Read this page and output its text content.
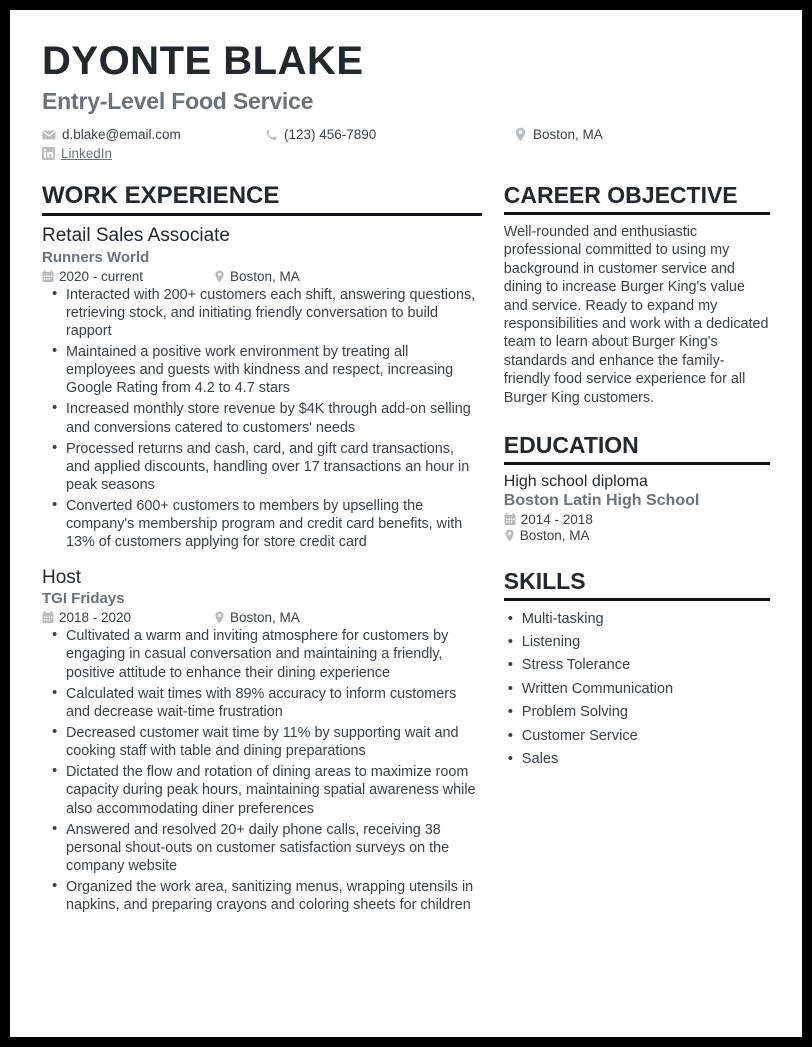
DYONTE BLAKE
Entry-Level Food Service
d.blake@email.com	(123) 456-7890	Boston, MA
LinkedIn
WORK EXPERIENCE
Retail Sales Associate
Runners World
2020 - current	Boston, MA
• Interacted with 200+ customers each shift, answering questions, retrieving stock, and initiating friendly conversation to build rapport
• Maintained a positive work environment by treating all employees and guests with kindness and respect, increasing Google Rating from 4.2 to 4.7 stars
• Increased monthly store revenue by $4K through add-on selling and conversions catered to customers' needs
• Processed returns and cash, card, and gift card transactions, and applied discounts, handling over 17 transactions an hour in peak seasons
• Converted 600+ customers to members by upselling the company's membership program and credit card benefits, with 13% of customers applying for store credit card
Host
TGI Fridays
2018 - 2020	Boston, MA
• Cultivated a warm and inviting atmosphere for customers by engaging in casual conversation and maintaining a friendly, positive attitude to enhance their dining experience
• Calculated wait times with 89% accuracy to inform customers and decrease wait-time frustration
• Decreased customer wait time by 11% by supporting wait and cooking staff with table and dining preparations
• Dictated the flow and rotation of dining areas to maximize room capacity during peak hours, maintaining spatial awareness while also accommodating diner preferences
• Answered and resolved 20+ daily phone calls, receiving 38 personal shout-outs on customer satisfaction surveys on the company website
• Organized the work area, sanitizing menus, wrapping utensils in napkins, and preparing crayons and coloring sheets for children
CAREER OBJECTIVE
Well-rounded and enthusiastic professional committed to using my background in customer service and dining to increase Burger King's value and service. Ready to expand my responsibilities and work with a dedicated team to learn about Burger King's standards and enhance the family-friendly food service experience for all Burger King customers.
EDUCATION
High school diploma
Boston Latin High School
2014 - 2018
Boston, MA
SKILLS
• Multi-tasking
• Listening
• Stress Tolerance
• Written Communication
• Problem Solving
• Customer Service
• Sales
